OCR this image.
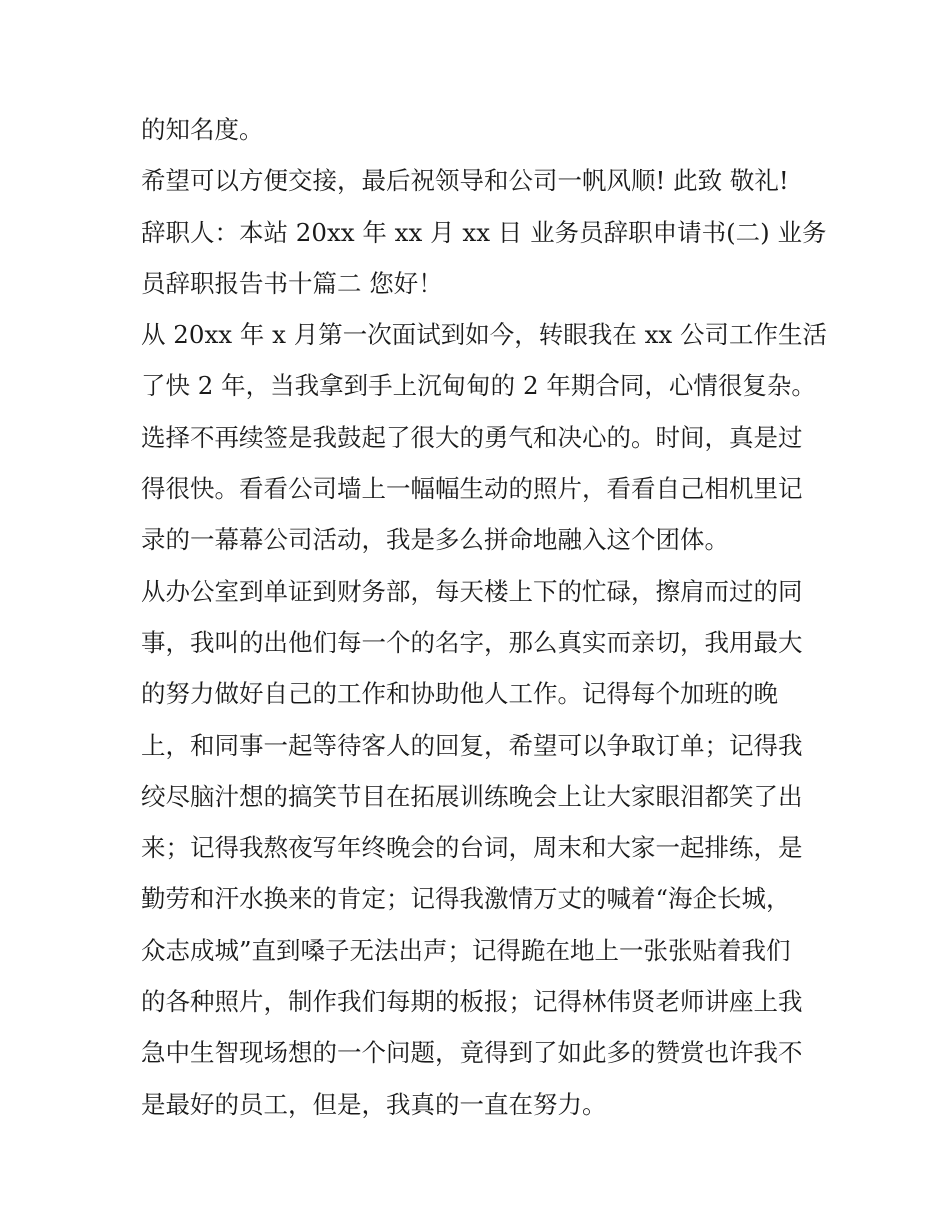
的知名度。
希望可以方便交接，最后祝领导和公司一帆风顺! 此致 敬礼!
辞职人：本站 20xx 年 xx 月 xx 日 业务员辞职申请书(二) 业务
员辞职报告书十篇二 您好！
从 20xx 年 x 月第一次面试到如今，转眼我在 xx 公司工作生活
了快 2 年，当我拿到手上沉甸甸的 2 年期合同，心情很复杂。
选择不再续签是我鼓起了很大的勇气和决心的。时间，真是过
得很快。看看公司墙上一幅幅生动的照片，看看自己相机里记
录的一幕幕公司活动，我是多么拼命地融入这个团体。
从办公室到单证到财务部，每天楼上下的忙碌，擦肩而过的同
事，我叫的出他们每一个的名字，那么真实而亲切，我用最大
的努力做好自己的工作和协助他人工作。记得每个加班的晚
上，和同事一起等待客人的回复，希望可以争取订单；记得我
绞尽脑汁想的搞笑节目在拓展训练晚会上让大家眼泪都笑了出
来；记得我熬夜写年终晚会的台词，周末和大家一起排练，是
勤劳和汗水换来的肯定；记得我激情万丈的喊着“海企长城，
众志成城”直到嗓子无法出声；记得跪在地上一张张贴着我们
的各种照片，制作我们每期的板报；记得林伟贤老师讲座上我
急中生智现场想的一个问题，竟得到了如此多的赞赏也许我不
是最好的员工，但是，我真的一直在努力。
